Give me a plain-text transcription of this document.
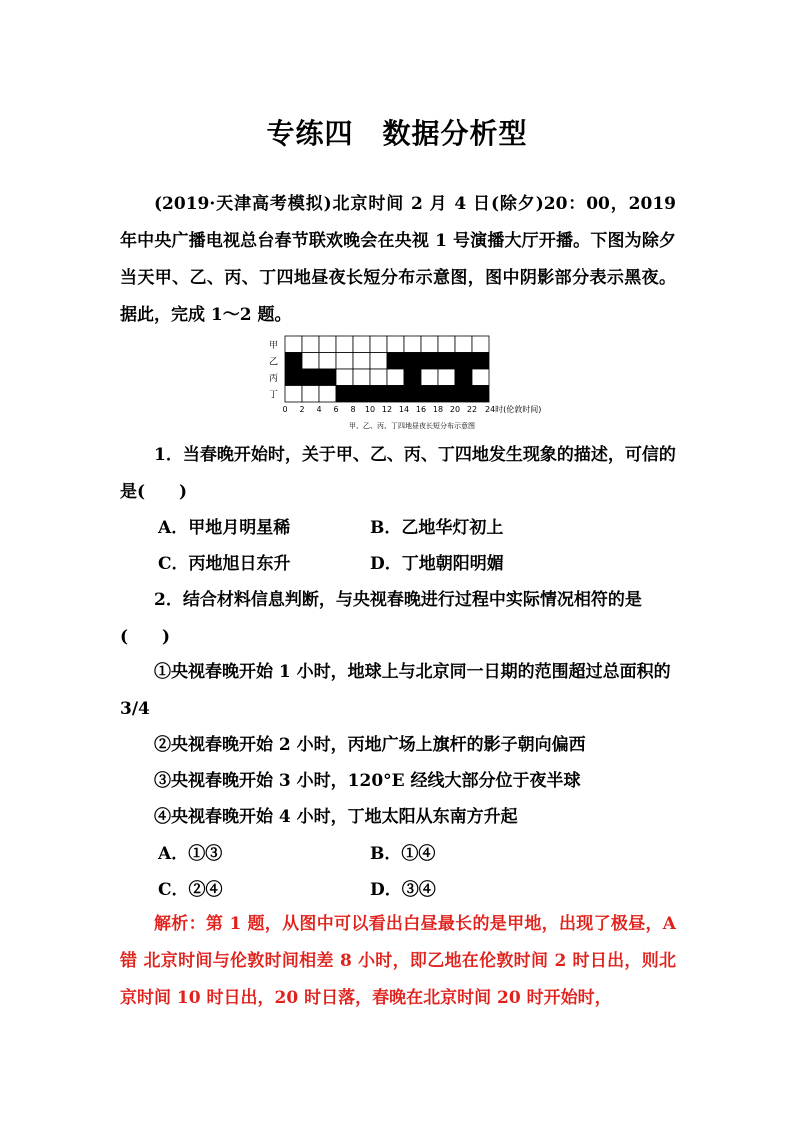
专练四　数据分析型
(2019·天津高考模拟)北京时间 2 月 4 日(除夕)20：00，2019 年中央广播电视总台春节联欢晚会在央视 1 号演播大厅开播。下图为除夕当天甲、乙、丙、丁四地昼夜长短分布示意图，图中阴影部分表示黑夜。据此，完成 1～2 题。
甲
乙
丙
丁
0 2 4 6 8 10 12 14 16 18 20 22 24时(伦敦时间)
甲、乙、丙、丁四地昼夜长短分布示意图
1．当春晚开始时，关于甲、乙、丙、丁四地发生现象的描述，可信的是(　　)
A．甲地月明星稀	B．乙地华灯初上
C．丙地旭日东升	D．丁地朝阳明媚
2．结合材料信息判断，与央视春晚进行过程中实际情况相符的是(　　)
①央视春晚开始 1 小时，地球上与北京同一日期的范围超过总面积的 3/4
②央视春晚开始 2 小时，丙地广场上旗杆的影子朝向偏西
③央视春晚开始 3 小时，120°E 经线大部分位于夜半球
④央视春晚开始 4 小时，丁地太阳从东南方升起
A．①③	B．①④
C．②④	D．③④
解析：第 1 题，从图中可以看出白昼最长的是甲地，出现了极昼，A 错 北京时间与伦敦时间相差 8 小时，即乙地在伦敦时间 2 时日出，则北京时间 10 时日出，20 时日落，春晚在北京时间 20 时开始时，
